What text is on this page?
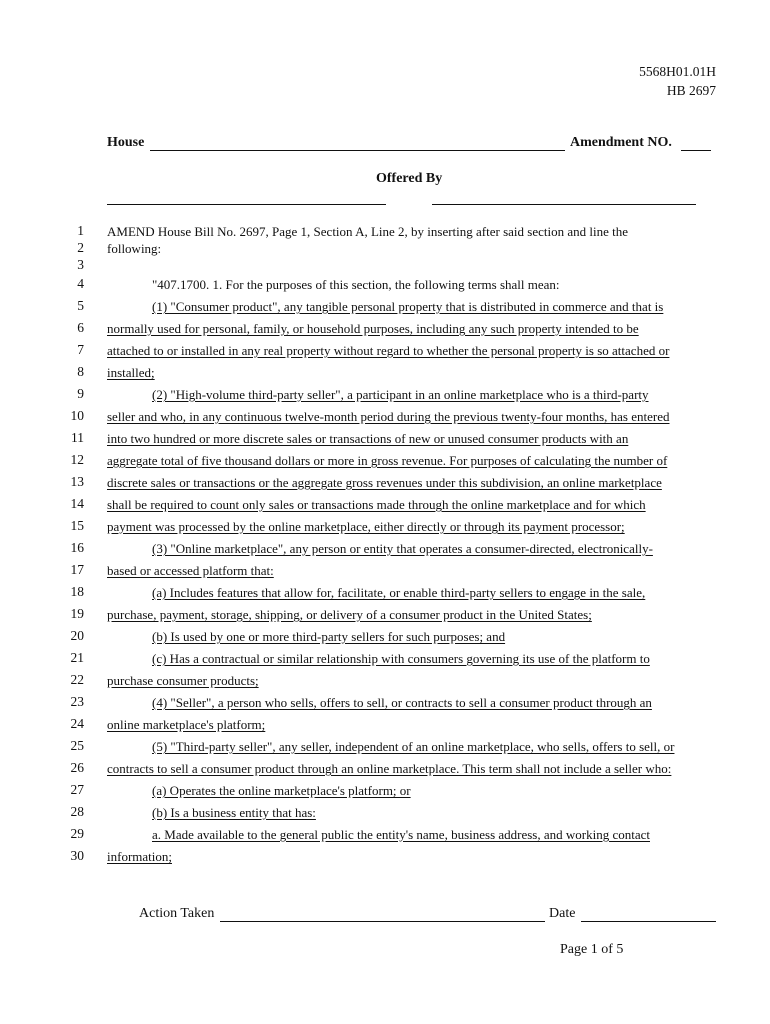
5568H01.01H
HB 2697
House	Amendment NO.
Offered By
1
2
3
4
5
6
7
8
9
10
11
12
13
14
15
16
17
18
19
20
21
22
23
24
25
26
27
28
29
30
AMEND House Bill No. 2697, Page 1, Section A, Line 2, by inserting after said section and line the
following:
"407.1700. 1. For the purposes of this section, the following terms shall mean:
(1) "Consumer product", any tangible personal property that is distributed in commerce and that is
normally used for personal, family, or household purposes, including any such property intended to be
attached to or installed in any real property without regard to whether the personal property is so attached or
installed;
(2) "High-volume third-party seller", a participant in an online marketplace who is a third-party
seller and who, in any continuous twelve-month period during the previous twenty-four months, has entered
into two hundred or more discrete sales or transactions of new or unused consumer products with an
aggregate total of five thousand dollars or more in gross revenue. For purposes of calculating the number of
discrete sales or transactions or the aggregate gross revenues under this subdivision, an online marketplace
shall be required to count only sales or transactions made through the online marketplace and for which
payment was processed by the online marketplace, either directly or through its payment processor;
(3) "Online marketplace", any person or entity that operates a consumer-directed, electronically-
based or accessed platform that:
(a) Includes features that allow for, facilitate, or enable third-party sellers to engage in the sale,
purchase, payment, storage, shipping, or delivery of a consumer product in the United States;
(b) Is used by one or more third-party sellers for such purposes; and
(c) Has a contractual or similar relationship with consumers governing its use of the platform to
purchase consumer products;
(4) "Seller", a person who sells, offers to sell, or contracts to sell a consumer product through an
online marketplace's platform;
(5) "Third-party seller", any seller, independent of an online marketplace, who sells, offers to sell, or
contracts to sell a consumer product through an online marketplace. This term shall not include a seller who:
(a) Operates the online marketplace's platform; or
(b) Is a business entity that has:
a. Made available to the general public the entity's name, business address, and working contact
information;
Action Taken	Date
Page 1 of 5
